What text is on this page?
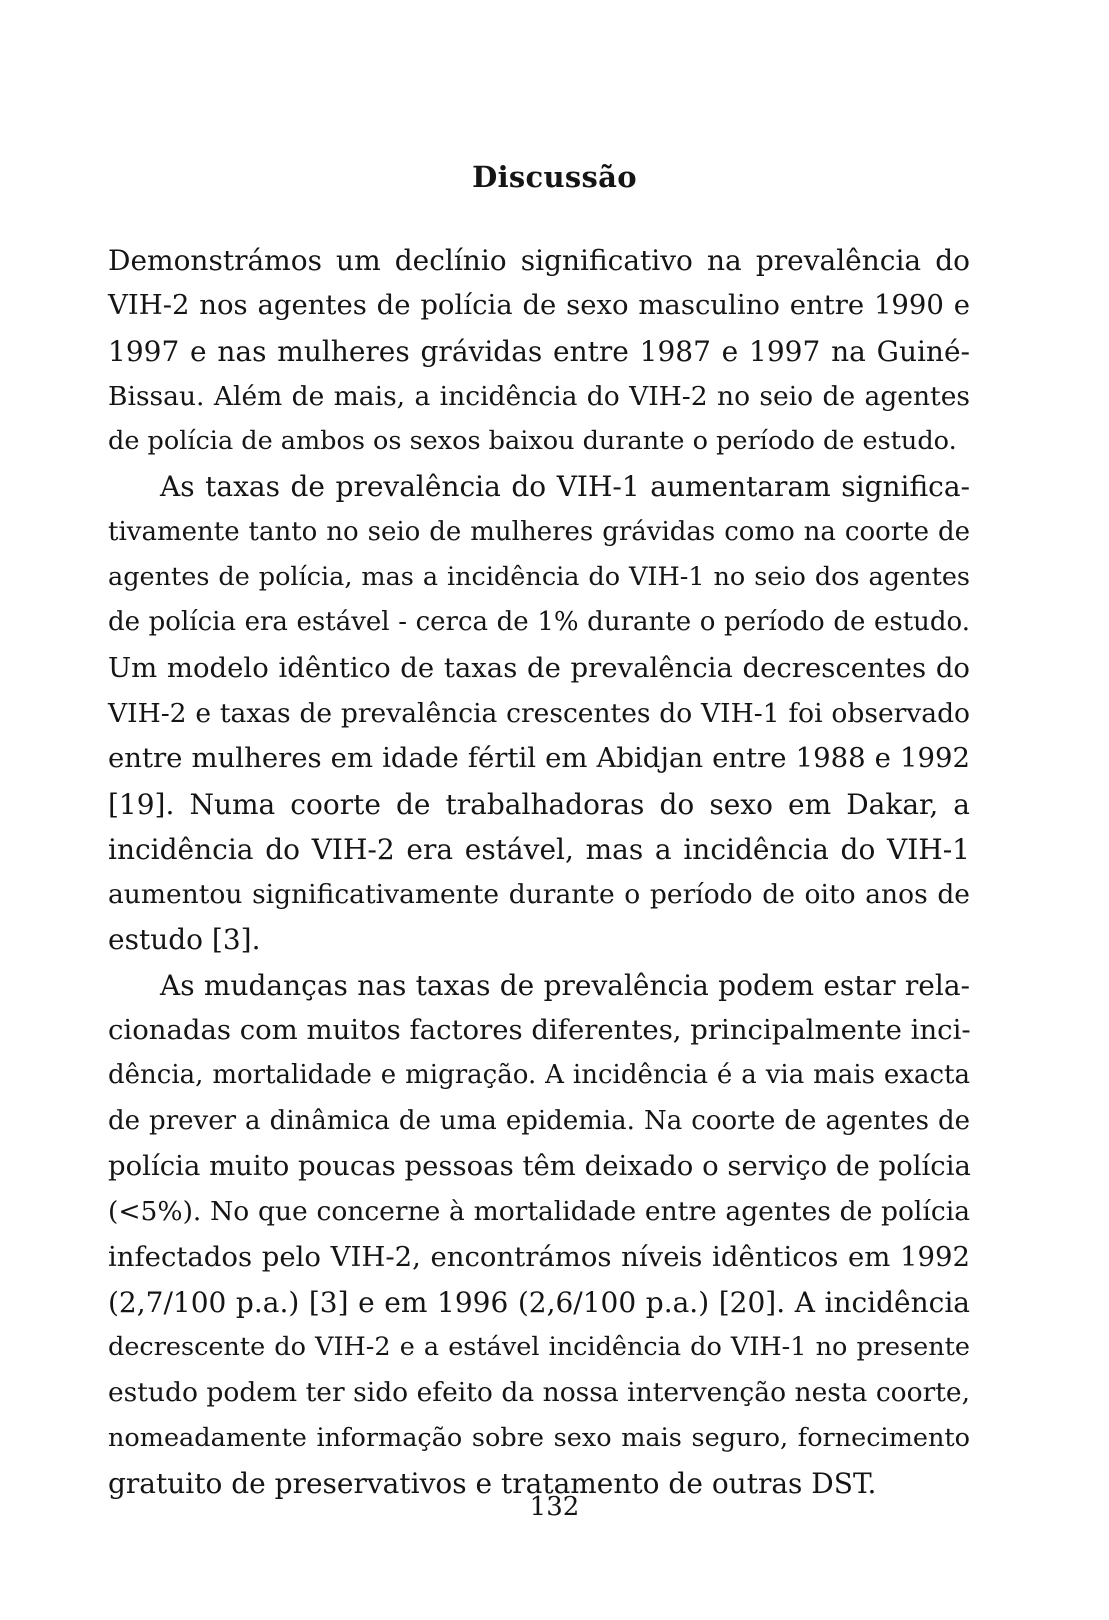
Discussão
Demonstrámos um declínio significativo na prevalência do
VIH-2 nos agentes de polícia de sexo masculino entre 1990 e
1997 e nas mulheres grávidas entre 1987 e 1997 na Guiné-
Bissau. Além de mais, a incidência do VIH-2 no seio de agentes
de polícia de ambos os sexos baixou durante o período de estudo.
As taxas de prevalência do VIH-1 aumentaram significa-
tivamente tanto no seio de mulheres grávidas como na coorte de
agentes de polícia, mas a incidência do VIH-1 no seio dos agentes
de polícia era estável - cerca de 1% durante o período de estudo.
Um modelo idêntico de taxas de prevalência decrescentes do
VIH-2 e taxas de prevalência crescentes do VIH-1 foi observado
entre mulheres em idade fértil em Abidjan entre 1988 e 1992
[19]. Numa coorte de trabalhadoras do sexo em Dakar, a
incidência do VIH-2 era estável, mas a incidência do VIH-1
aumentou significativamente durante o período de oito anos de
estudo [3].
As mudanças nas taxas de prevalência podem estar rela-
cionadas com muitos factores diferentes, principalmente inci-
dência, mortalidade e migração. A incidência é a via mais exacta
de prever a dinâmica de uma epidemia. Na coorte de agentes de
polícia muito poucas pessoas têm deixado o serviço de polícia
(<5%). No que concerne à mortalidade entre agentes de polícia
infectados pelo VIH-2, encontrámos níveis idênticos em 1992
(2,7/100 p.a.) [3] e em 1996 (2,6/100 p.a.) [20]. A incidência
decrescente do VIH-2 e a estável incidência do VIH-1 no presente
estudo podem ter sido efeito da nossa intervenção nesta coorte,
nomeadamente informação sobre sexo mais seguro, fornecimento
gratuito de preservativos e tratamento de outras DST.
132
